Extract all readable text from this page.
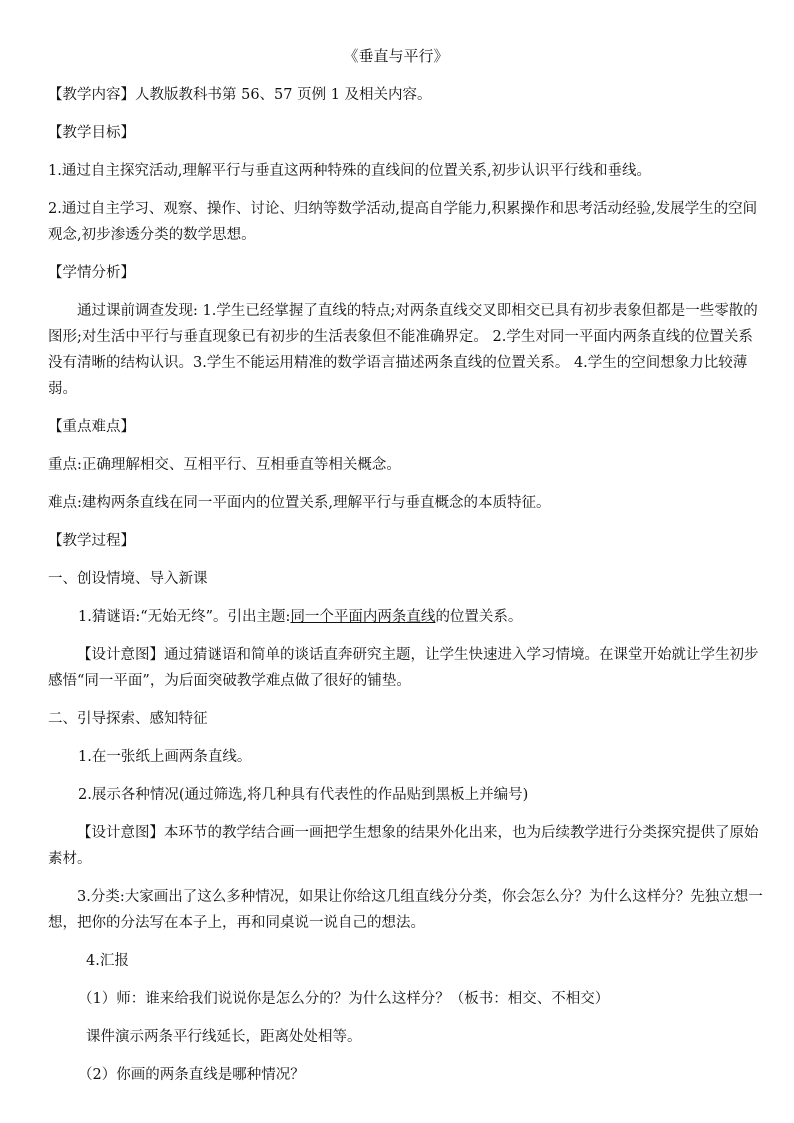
《垂直与平行》

【教学内容】人教版教科书第 56、57 页例 1 及相关内容。

【教学目标】

1.通过自主探究活动,理解平行与垂直这两种特殊的直线间的位置关系,初步认识平行线和垂线。

2.通过自主学习、观察、操作、讨论、归纳等数学活动,提高自学能力,积累操作和思考活动经验,发展学生的空间观念,初步渗透分类的数学思想。

【学情分析】

通过课前调查发现: 1.学生已经掌握了直线的特点;对两条直线交叉即相交已具有初步表象但都是一些零散的图形;对生活中平行与垂直现象已有初步的生活表象但不能准确界定。 2.学生对同一平面内两条直线的位置关系没有清晰的结构认识。3.学生不能运用精准的数学语言描述两条直线的位置关系。 4.学生的空间想象力比较薄弱。

【重点难点】

重点:正确理解相交、互相平行、互相垂直等相关概念。

难点:建构两条直线在同一平面内的位置关系,理解平行与垂直概念的本质特征。

【教学过程】

一、创设情境、导入新课

1.猜谜语:“无始无终”。引出主题:同一个平面内两条直线的位置关系。

【设计意图】通过猜谜语和简单的谈话直奔研究主题，让学生快速进入学习情境。在课堂开始就让学生初步感悟“同一平面”，为后面突破教学难点做了很好的铺垫。

二、引导探索、感知特征

1.在一张纸上画两条直线。

2.展示各种情况(通过筛选,将几种具有代表性的作品贴到黑板上并编号)

【设计意图】本环节的教学结合画一画把学生想象的结果外化出来，也为后续教学进行分类探究提供了原始素材。

3.分类:大家画出了这么多种情况，如果让你给这几组直线分分类，你会怎么分？为什么这样分？先独立想一想，把你的分法写在本子上，再和同桌说一说自己的想法。

4.汇报

（1）师：谁来给我们说说你是怎么分的？为什么这样分？（板书：相交、不相交）

课件演示两条平行线延长，距离处处相等。

（2）你画的两条直线是哪种情况？
